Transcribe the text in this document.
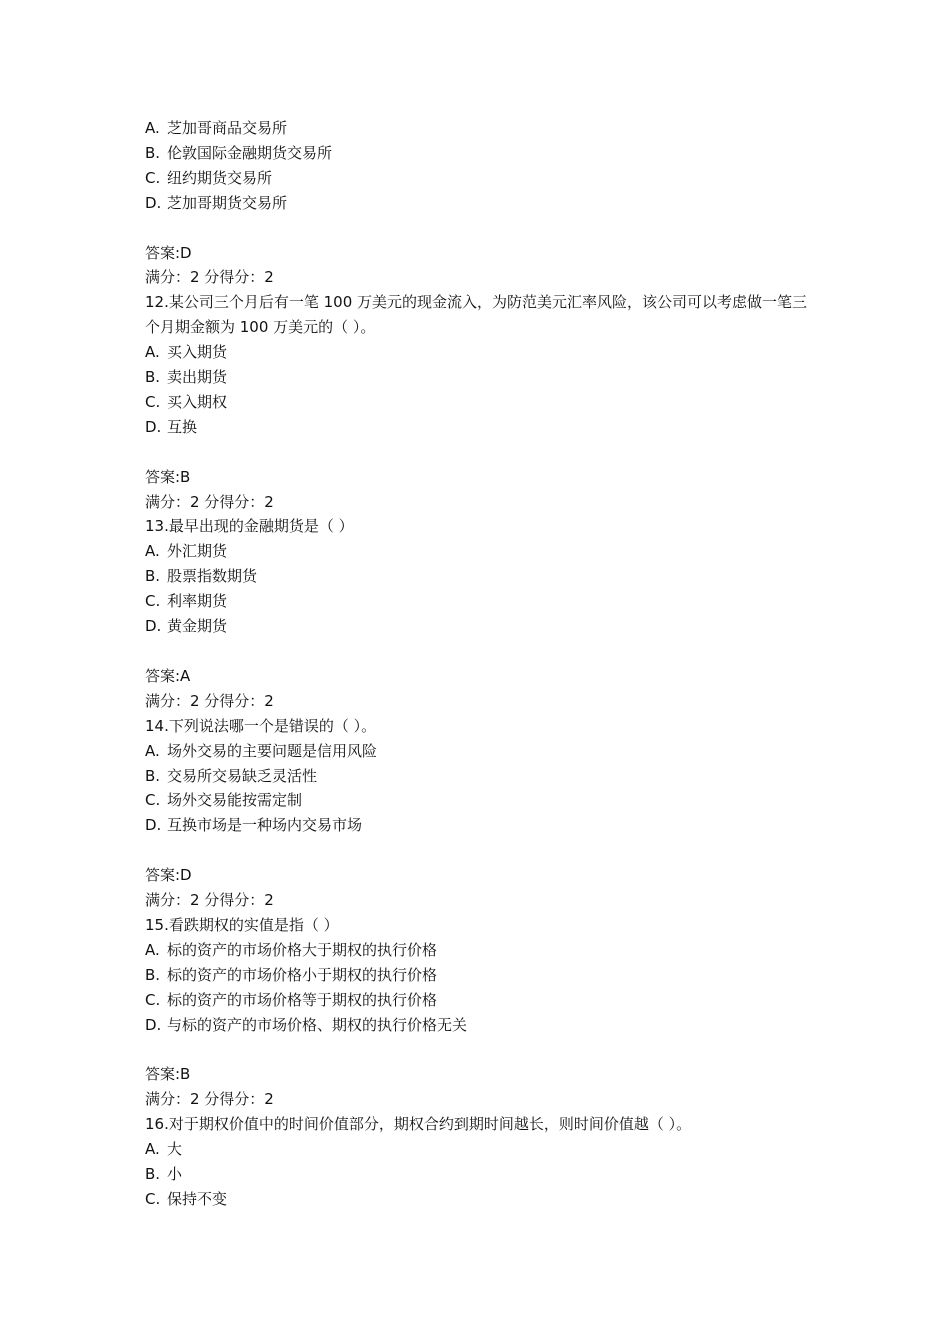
A. 芝加哥商品交易所

B. 伦敦国际金融期货交易所

C. 纽约期货交易所

D. 芝加哥期货交易所

答案:D

满分：2 分得分：2

12.某公司三个月后有一笔 100 万美元的现金流入，为防范美元汇率风险，该公司可以考虑做一笔三个月期金额为 100 万美元的（ ）。

A. 买入期货

B. 卖出期货

C. 买入期权

D. 互换

答案:B

满分：2 分得分：2

13.最早出现的金融期货是（ ）

A. 外汇期货

B. 股票指数期货

C. 利率期货

D. 黄金期货

答案:A

满分：2 分得分：2

14.下列说法哪一个是错误的（ ）。

A. 场外交易的主要问题是信用风险

B. 交易所交易缺乏灵活性

C. 场外交易能按需定制

D. 互换市场是一种场内交易市场

答案:D

满分：2 分得分：2

15.看跌期权的实值是指（ ）

A. 标的资产的市场价格大于期权的执行价格

B. 标的资产的市场价格小于期权的执行价格

C. 标的资产的市场价格等于期权的执行价格

D. 与标的资产的市场价格、期权的执行价格无关

答案:B

满分：2 分得分：2

16.对于期权价值中的时间价值部分，期权合约到期时间越长，则时间价值越（ ）。

A. 大

B. 小

C. 保持不变
